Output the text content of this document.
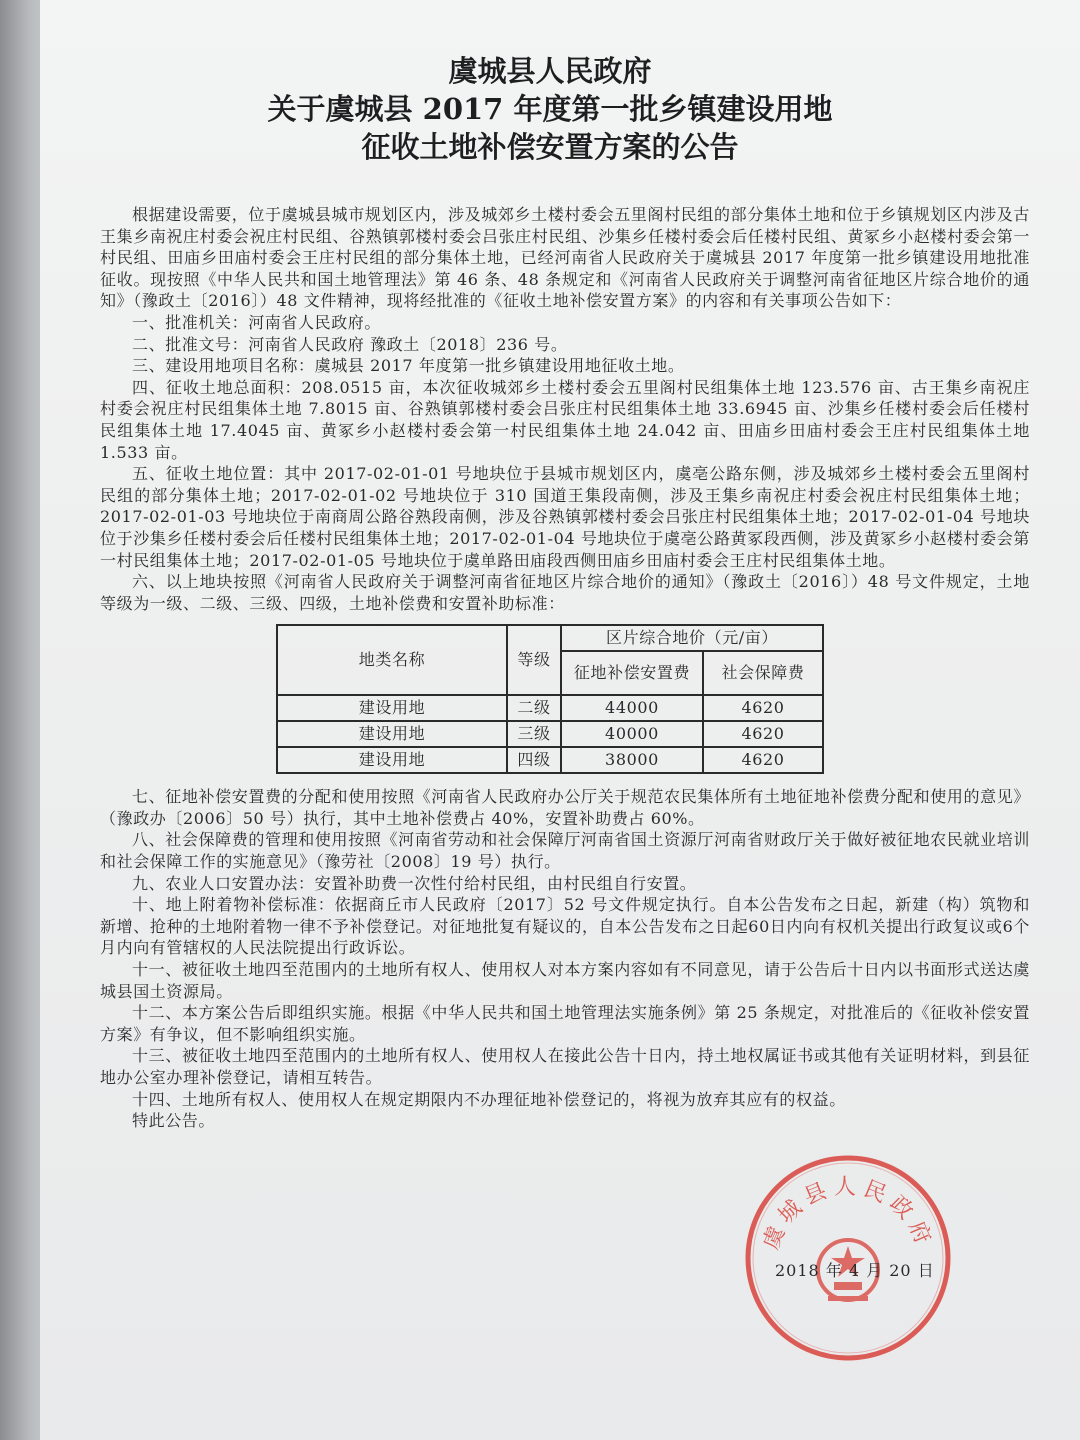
虞城县人民政府
关于虞城县 2017 年度第一批乡镇建设用地
征收土地补偿安置方案的公告

根据建设需要，位于虞城县城市规划区内，涉及城郊乡土楼村委会五里阁村民组的部分集体土地和位于乡镇规划区内涉及古王集乡南祝庄村委会祝庄村民组、谷熟镇郭楼村委会吕张庄村民组、沙集乡任楼村委会后任楼村民组、黄冢乡小赵楼村委会第一村民组、田庙乡田庙村委会王庄村民组的部分集体土地，已经河南省人民政府关于虞城县 2017 年度第一批乡镇建设用地批准征收。现按照《中华人民共和国土地管理法》第 46 条、48 条规定和《河南省人民政府关于调整河南省征地区片综合地价的通知》（豫政土〔2016〕）48 文件精神，现将经批准的《征收土地补偿安置方案》的内容和有关事项公告如下：

一、批准机关：河南省人民政府。

二、批准文号：河南省人民政府 豫政土〔2018〕236 号。

三、建设用地项目名称：虞城县 2017 年度第一批乡镇建设用地征收土地。

四、征收土地总面积：208.0515 亩，本次征收城郊乡土楼村委会五里阁村民组集体土地 123.576 亩、古王集乡南祝庄村委会祝庄村民组集体土地 7.8015 亩、谷熟镇郭楼村委会吕张庄村民组集体土地 33.6945 亩、沙集乡任楼村委会后任楼村民组集体土地 17.4045 亩、黄冢乡小赵楼村委会第一村民组集体土地 24.042 亩、田庙乡田庙村委会王庄村民组集体土地 1.533 亩。

五、征收土地位置：其中 2017-02-01-01 号地块位于县城市规划区内，虞亳公路东侧，涉及城郊乡土楼村委会五里阁村民组的部分集体土地；2017-02-01-02 号地块位于 310 国道王集段南侧，涉及王集乡南祝庄村委会祝庄村民组集体土地；2017-02-01-03 号地块位于南商周公路谷熟段南侧，涉及谷熟镇郭楼村委会吕张庄村民组集体土地；2017-02-01-04 号地块位于沙集乡任楼村委会后任楼村民组集体土地；2017-02-01-04 号地块位于虞亳公路黄冢段西侧，涉及黄冢乡小赵楼村委会第一村民组集体土地；2017-02-01-05 号地块位于虞单路田庙段西侧田庙乡田庙村委会王庄村民组集体土地。

六、以上地块按照《河南省人民政府关于调整河南省征地区片综合地价的通知》（豫政土〔2016〕）48 号文件规定，土地等级为一级、二级、三级、四级，土地补偿费和安置补助标准：

地类名称	等级	区片综合地价（元/亩）	
		征地补偿安置费	社会保障费
建设用地	二级	44000	4620
建设用地	三级	40000	4620
建设用地	四级	38000	4620

七、征地补偿安置费的分配和使用按照《河南省人民政府办公厅关于规范农民集体所有土地征地补偿费分配和使用的意见》（豫政办〔2006〕50 号）执行，其中土地补偿费占 40%，安置补助费占 60%。

八、社会保障费的管理和使用按照《河南省劳动和社会保障厅河南省国土资源厅河南省财政厅关于做好被征地农民就业培训和社会保障工作的实施意见》（豫劳社〔2008〕19 号）执行。

九、农业人口安置办法：安置补助费一次性付给村民组，由村民组自行安置。

十、地上附着物补偿标准：依据商丘市人民政府〔2017〕52 号文件规定执行。自本公告发布之日起，新建（构）筑物和新增、抢种的土地附着物一律不予补偿登记。对征地批复有疑议的，自本公告发布之日起60日内向有权机关提出行政复议或6个月内向有管辖权的人民法院提出行政诉讼。

十一、被征收土地四至范围内的土地所有权人、使用权人对本方案内容如有不同意见，请于公告后十日内以书面形式送达虞城县国土资源局。

十二、本方案公告后即组织实施。根据《中华人民共和国土地管理法实施条例》第 25 条规定，对批准后的《征收补偿安置方案》有争议，但不影响组织实施。

十三、被征收土地四至范围内的土地所有权人、使用权人在接此公告十日内，持土地权属证书或其他有关证明材料，到县征地办公室办理补偿登记，请相互转告。

十四、土地所有权人、使用权人在规定期限内不办理征地补偿登记的，将视为放弃其应有的权益。

特此公告。

虞城县人民政府
2018 年 4 月 20 日
